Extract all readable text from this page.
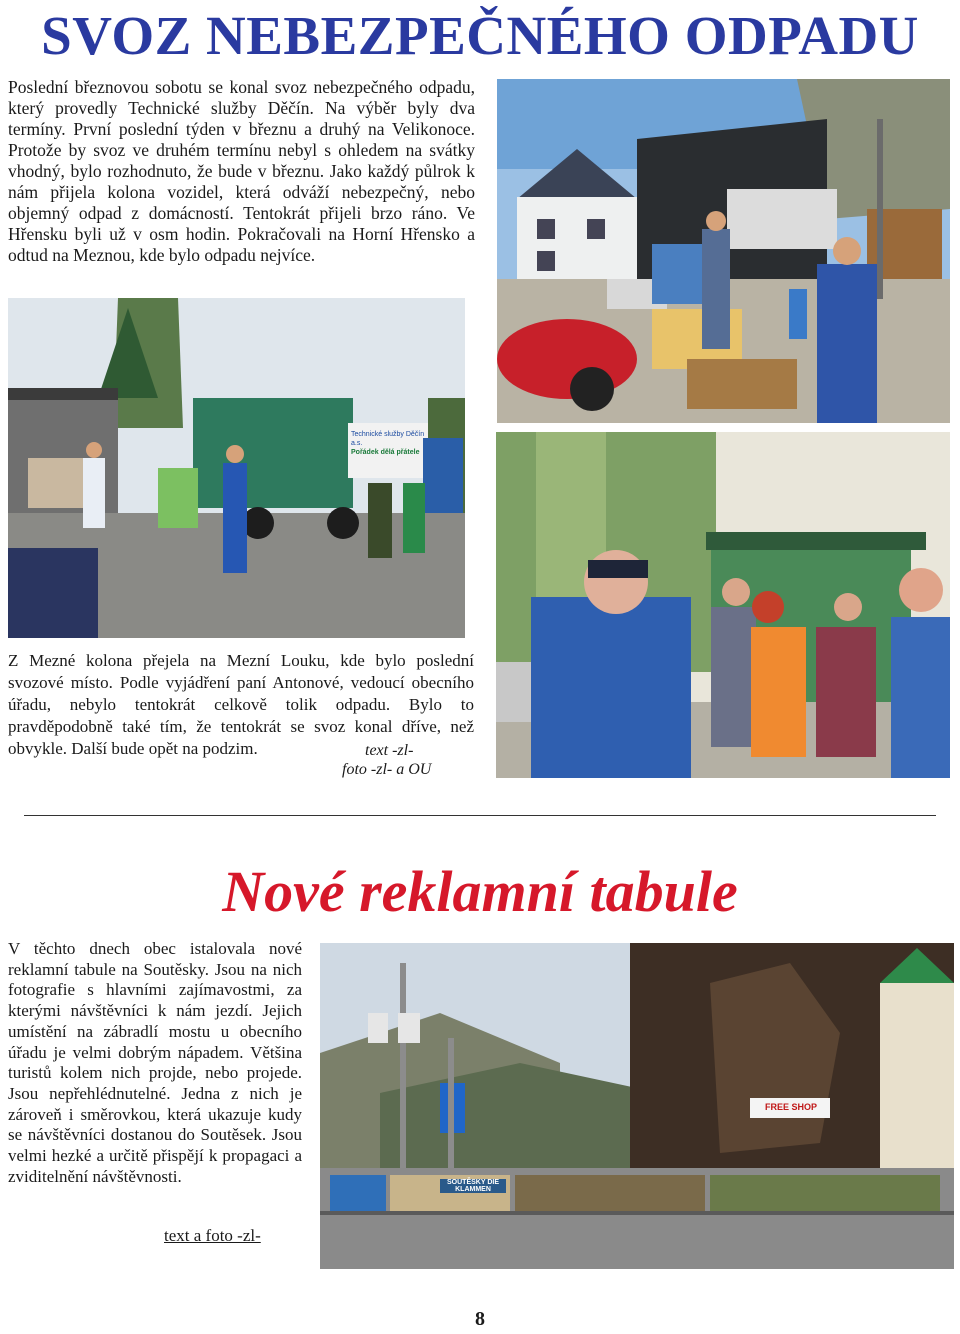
SVOZ NEBEZPEČNÉHO ODPADU

Poslední březnovou sobotu se konal svoz nebezpečného odpadu, který provedly Technické služby Děčín. Na výběr byly dva termíny. První poslední týden v březnu a druhý na Velikonoce. Protože by svoz ve druhém termínu nebyl s ohledem na svátky vhodný, bylo rozhodnuto, že bude v březnu. Jako každý půlrok k nám přijela kolona vozidel, která odváží nebezpečný, nebo objemný odpad z domácností. Tentokrát přijeli brzo ráno. Ve Hřensku byli už v osm hodin. Pokračovali na Horní Hřensko a odtud na Meznou, kde bylo odpadu nejvíce.

Technické služby Děčín a.s.
Pořádek dělá přátele

Z Mezné kolona přejela na Mezní Louku, kde bylo poslední svozové místo. Podle vyjádření paní Antonové, vedoucí obecního úřadu, nebylo tentokrát celkově tolik odpadu. Bylo to pravděpodobně také tím, že tentokrát se svoz konal dříve, než obvykle. Další bude opět na podzim.	text -zl-
foto -zl- a OU
Nové reklamní tabule

V těchto dnech obec istalovala nové reklamní tabule na Soutěsky. Jsou na nich fotografie s hlavními zajímavostmi, za kterými návštěvníci k nám jezdí. Jejich umístění na zábradlí mostu u obecního úřadu je velmi dobrým nápadem. Většina turistů kolem nich projde, nebo projede. Jsou nepřehlédnutelné. Jedna z nich je zároveň i směrovkou, která ukazuje kudy se návštěvníci dostanou do Soutěsek. Jsou velmi hezké a určitě přispějí k propagaci a zviditelnění návštěvnosti.

FREE SHOP
SOUTĚSKY DIE KLAMMEN
text a foto -zl-
8
